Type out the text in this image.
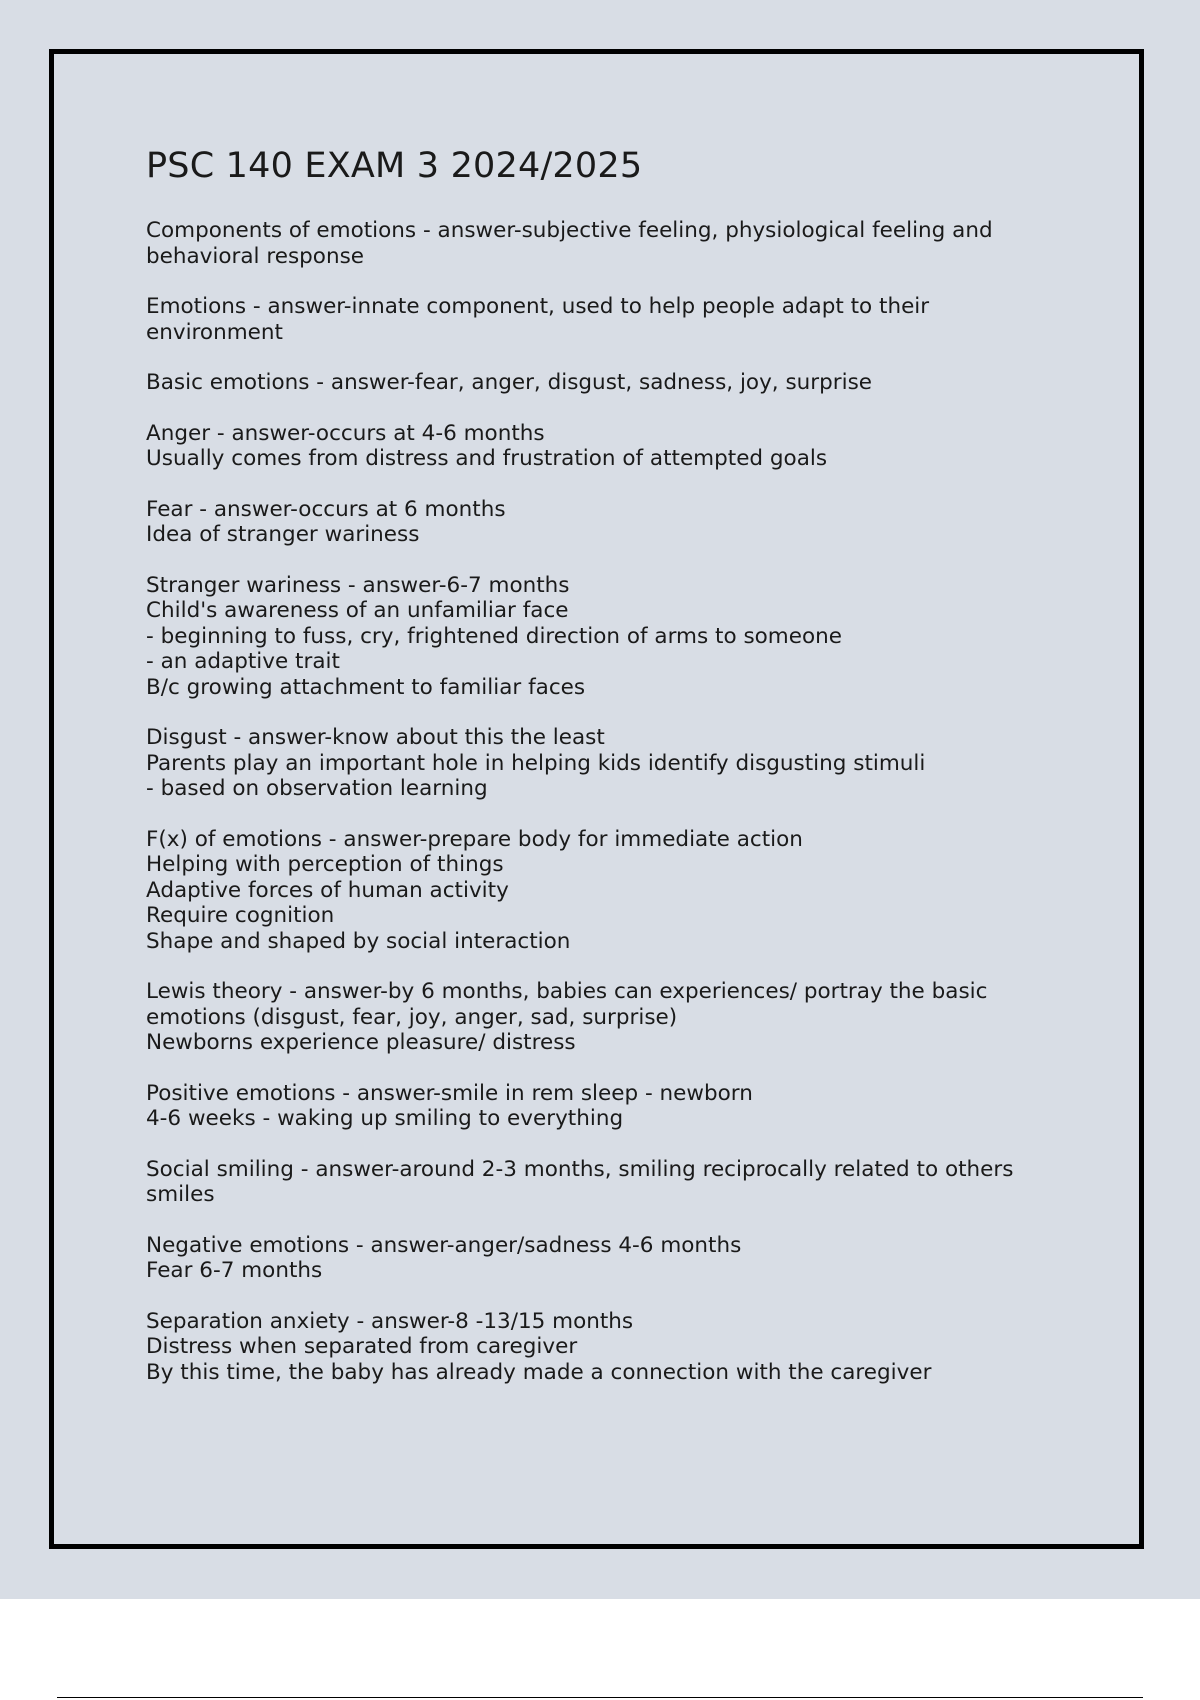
PSC 140 EXAM 3 2024/2025

Components of emotions - answer-subjective feeling, physiological feeling and

behavioral response

Emotions - answer-innate component, used to help people adapt to their

environment

Basic emotions - answer-fear, anger, disgust, sadness, joy, surprise

Anger - answer-occurs at 4-6 months

Usually comes from distress and frustration of attempted goals

Fear - answer-occurs at 6 months

Idea of stranger wariness

Stranger wariness - answer-6-7 months

Child's awareness of an unfamiliar face

- beginning to fuss, cry, frightened direction of arms to someone

- an adaptive trait

B/c growing attachment to familiar faces

Disgust - answer-know about this the least

Parents play an important hole in helping kids identify disgusting stimuli

- based on observation learning

F(x) of emotions - answer-prepare body for immediate action

Helping with perception of things

Adaptive forces of human activity

Require cognition

Shape and shaped by social interaction

Lewis theory - answer-by 6 months, babies can experiences/ portray the basic

emotions (disgust, fear, joy, anger, sad, surprise)

Newborns experience pleasure/ distress

Positive emotions - answer-smile in rem sleep - newborn

4-6 weeks - waking up smiling to everything

Social smiling - answer-around 2-3 months, smiling reciprocally related to others

smiles

Negative emotions - answer-anger/sadness 4-6 months

Fear 6-7 months

Separation anxiety - answer-8 -13/15 months

Distress when separated from caregiver

By this time, the baby has already made a connection with the caregiver
